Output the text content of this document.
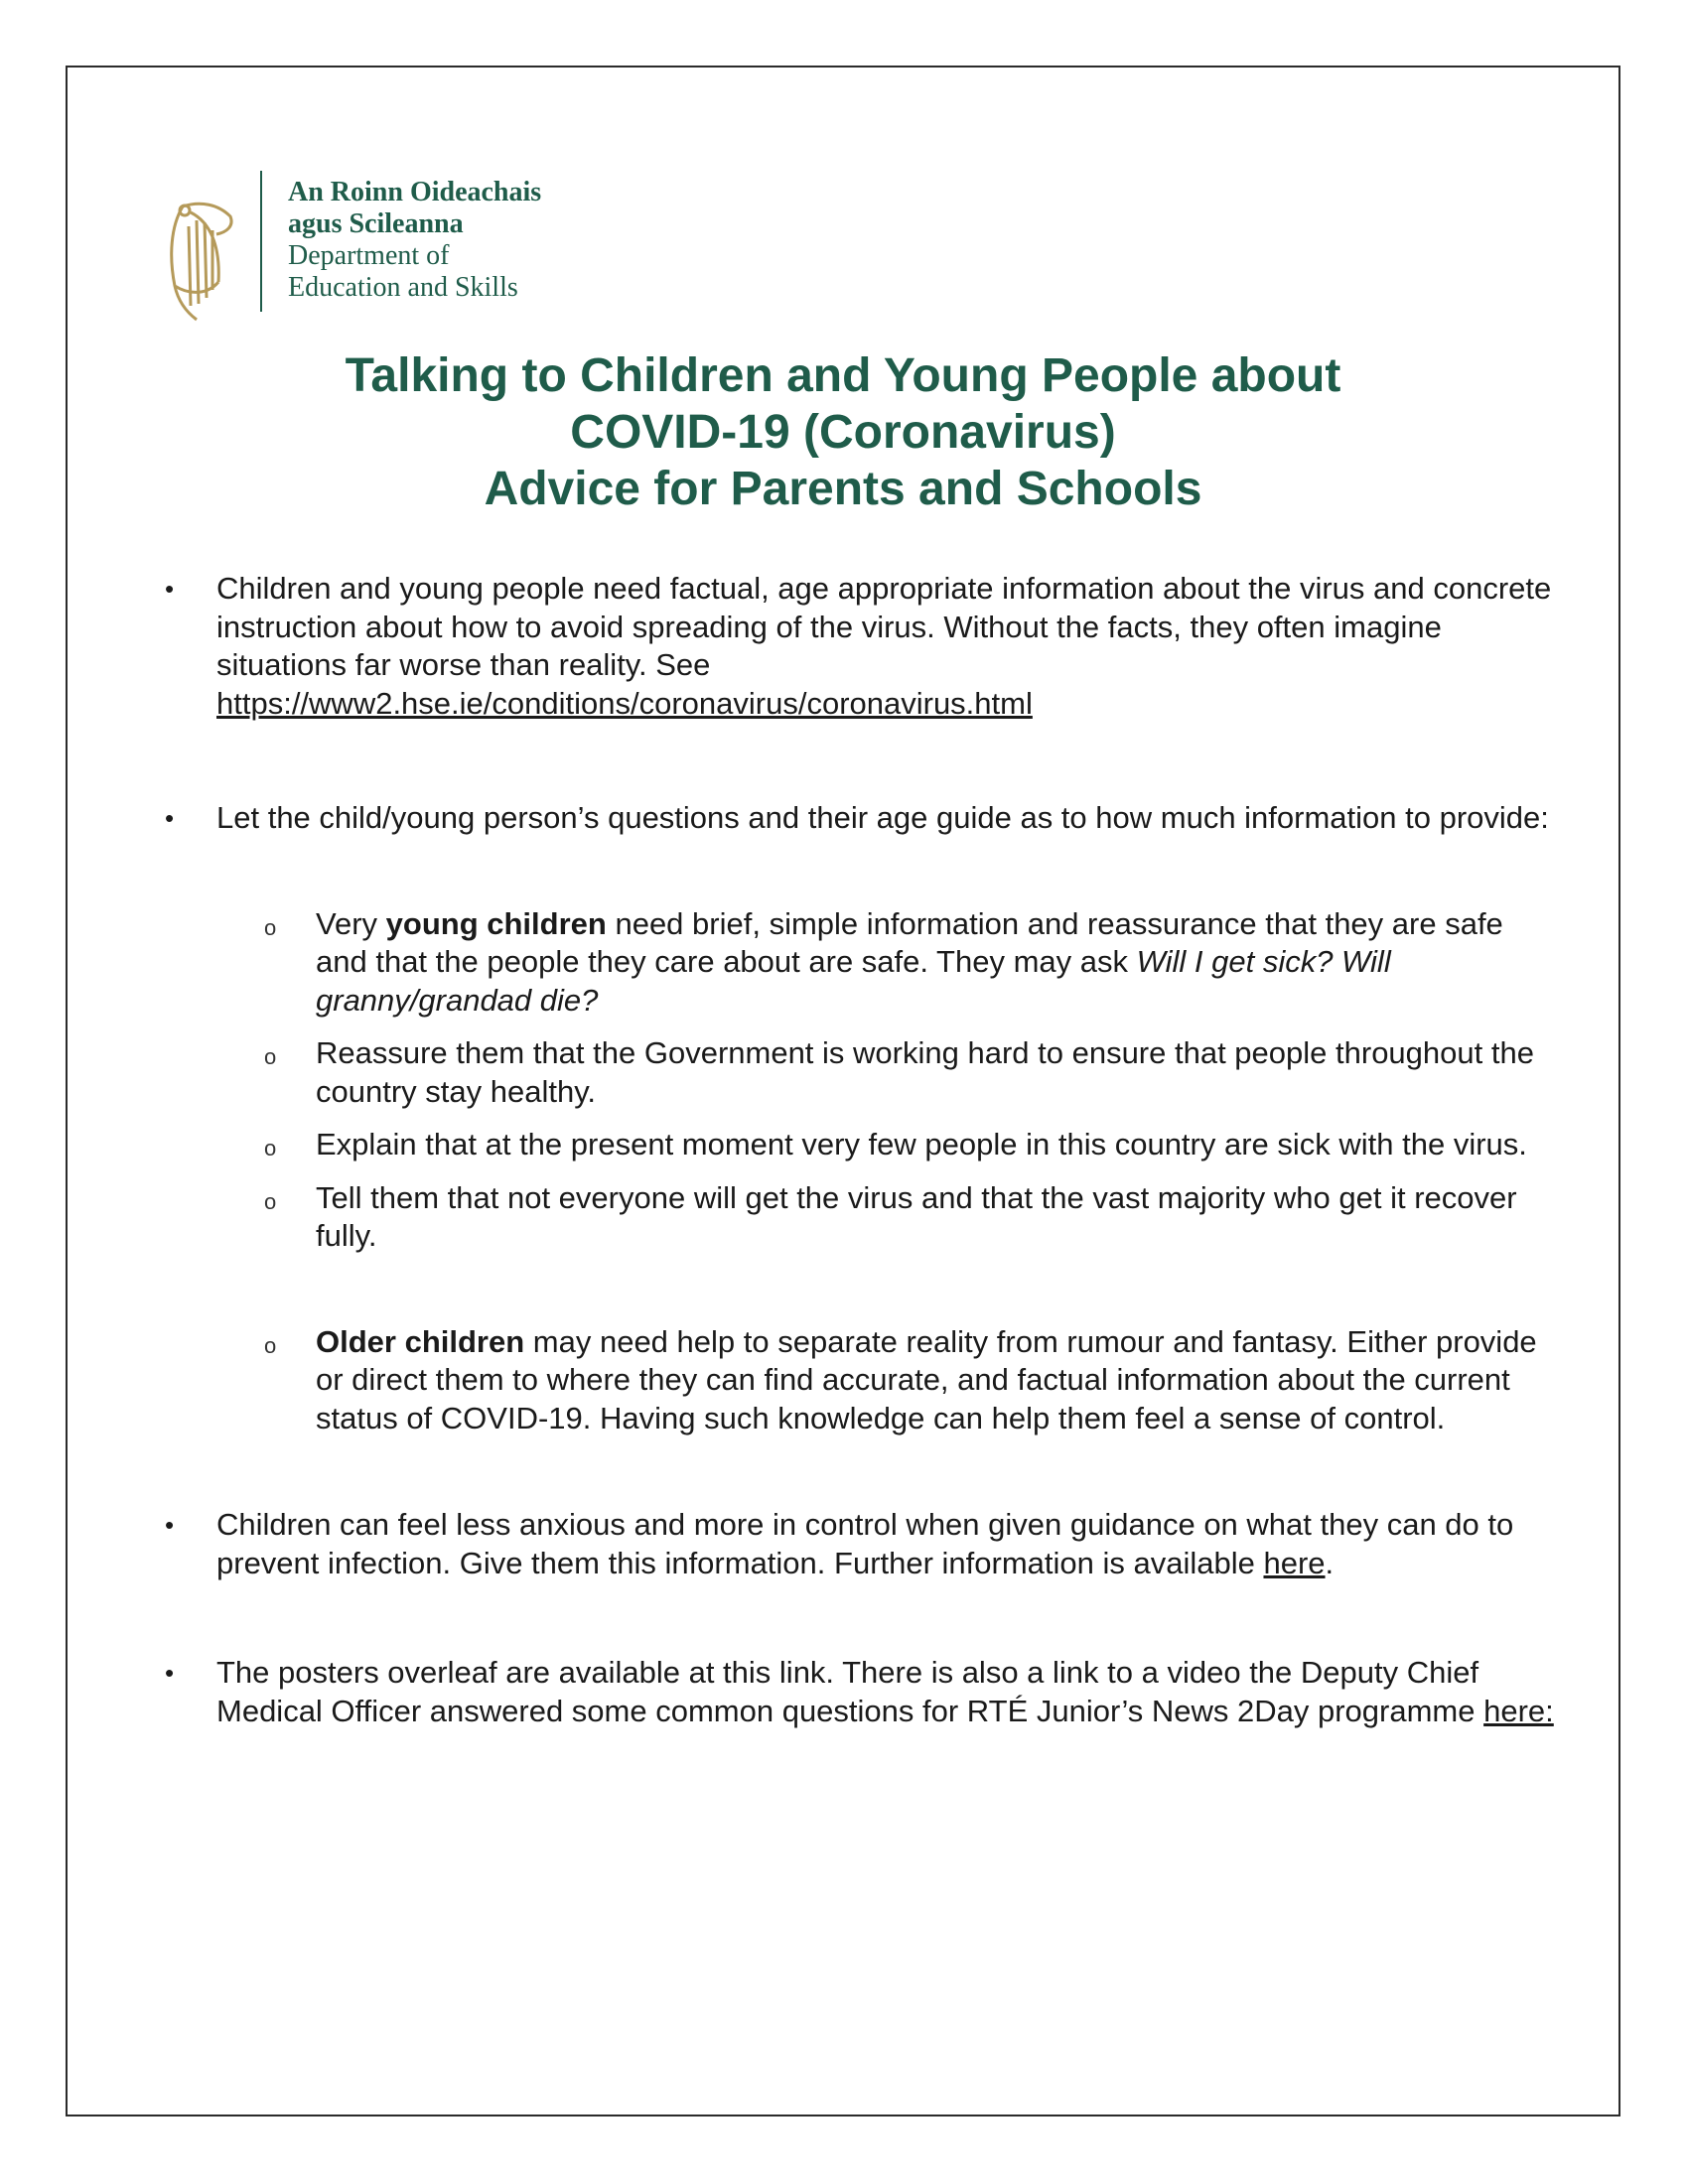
An Roinn Oideachais
agus Scileanna
Department of
Education and Skills
Talking to Children and Young People about
COVID-19 (Coronavirus)
Advice for Parents and Schools
•	Children and young people need factual, age appropriate information about the virus and concrete instruction about how to avoid spreading of the virus. Without the facts, they often imagine situations far worse than reality. See
https://www2.hse.ie/conditions/coronavirus/coronavirus.html
•	Let the child/young person’s questions and their age guide as to how much information to provide:
o Very young children need brief, simple information and reassurance that they are safe and that the people they care about are safe. They may ask Will I get sick? Will granny/grandad die?
o Reassure them that the Government is working hard to ensure that people throughout the country stay healthy.
o Explain that at the present moment very few people in this country are sick with the virus.
o Tell them that not everyone will get the virus and that the vast majority who get it recover fully.
o Older children may need help to separate reality from rumour and fantasy. Either provide or direct them to where they can find accurate, and factual information about the current status of COVID-19. Having such knowledge can help them feel a sense of control.
•	Children can feel less anxious and more in control when given guidance on what they can do to prevent infection. Give them this information. Further information is available here.
•	The posters overleaf are available at this link. There is also a link to a video the Deputy Chief Medical Officer answered some common questions for RTÉ Junior’s News 2Day programme here:
